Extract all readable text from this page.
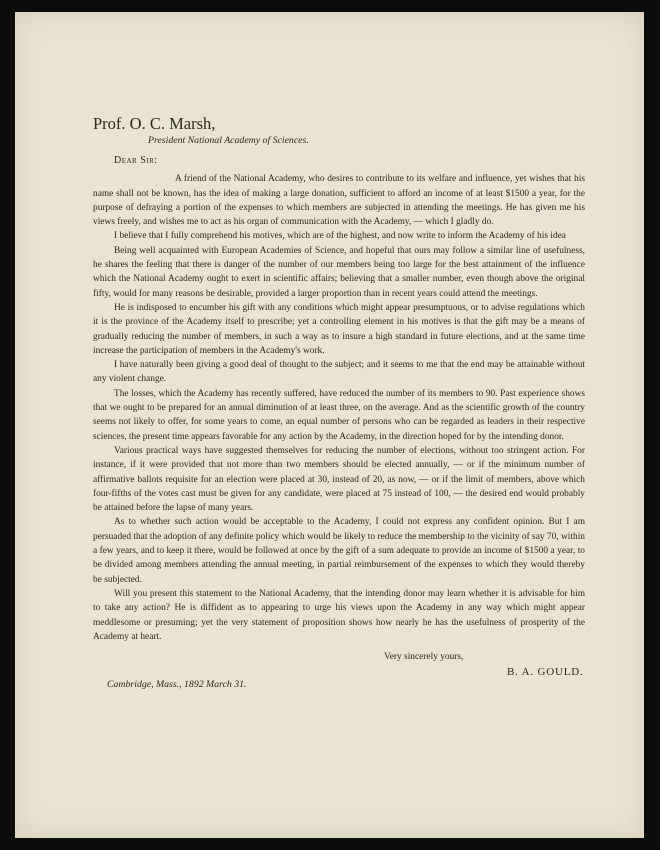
Prof. O. C. Marsh,
President National Academy of Sciences.
Dear Sir:

A friend of the National Academy, who desires to contribute to its welfare and influence, yet wishes that his name shall not be known, has the idea of making a large donation, sufficient to afford an income of at least $1500 a year, for the purpose of defraying a portion of the expenses to which members are subjected in attending the meetings. He has given me his views freely, and wishes me to act as his organ of communication with the Academy, — which I gladly do.

I believe that I fully comprehend his motives, which are of the highest, and now write to inform the Academy of his idea

Being well acquainted with European Academies of Science, and hopeful that ours may follow a similar line of usefulness, he shares the feeling that there is danger of the number of our members being too large for the best attainment of the influence which the National Academy ought to exert in scientific affairs; believing that a smaller number, even though above the original fifty, would for many reasons be desirable, provided a larger proportion than in recent years could attend the meetings.

He is indisposed to encumber his gift with any conditions which might appear presumptuous, or to advise regulations which it is the province of the Academy itself to prescribe; yet a controlling element in his motives is that the gift may be a means of gradually reducing the number of members, in such a way as to insure a high standard in future elections, and at the same time increase the participation of members in the Academy's work.

I have naturally been giving a good deal of thought to the subject; and it seems to me that the end may be attainable without any violent change.

The losses, which the Academy has recently suffered, have reduced the number of its members to 90. Past experience shows that we ought to be prepared for an annual diminution of at least three, on the average. And as the scientific growth of the country seems not likely to offer, for some years to come, an equal number of persons who can be regarded as leaders in their respective sciences, the present time appears favorable for any action by the Academy, in the direction hoped for by the intending donor.

Various practical ways have suggested themselves for reducing the number of elections, without too stringent action. For instance, if it were provided that not more than two members should be elected annually, — or if the minimum number of affirmative ballots requisite for an election were placed at 30, instead of 20, as now, — or if the limit of members, above which four-fifths of the votes cast must be given for any candidate, were placed at 75 instead of 100, — the desired end would probably be attained before the lapse of many years.

As to whether such action would be acceptable to the Academy, I could not express any confident opinion. But I am persuaded that the adoption of any definite policy which would be likely to reduce the membership to the vicinity of say 70, within a few years, and to keep it there, would be followed at once by the gift of a sum adequate to provide an income of $1500 a year, to be divided among members attending the annual meeting, in partial reimbursement of the expenses to which they would thereby be subjected.

Will you present this statement to the National Academy, that the intending donor may learn whether it is advisable for him to take any action? He is diffident as to appearing to urge his views upon the Academy in any way which might appear meddlesome or presuming; yet the very statement of proposition shows how nearly he has the usefulness of prosperity of the Academy at heart.

Very sincerely yours,
B. A. GOULD.
Cambridge, Mass., 1892 March 31.
